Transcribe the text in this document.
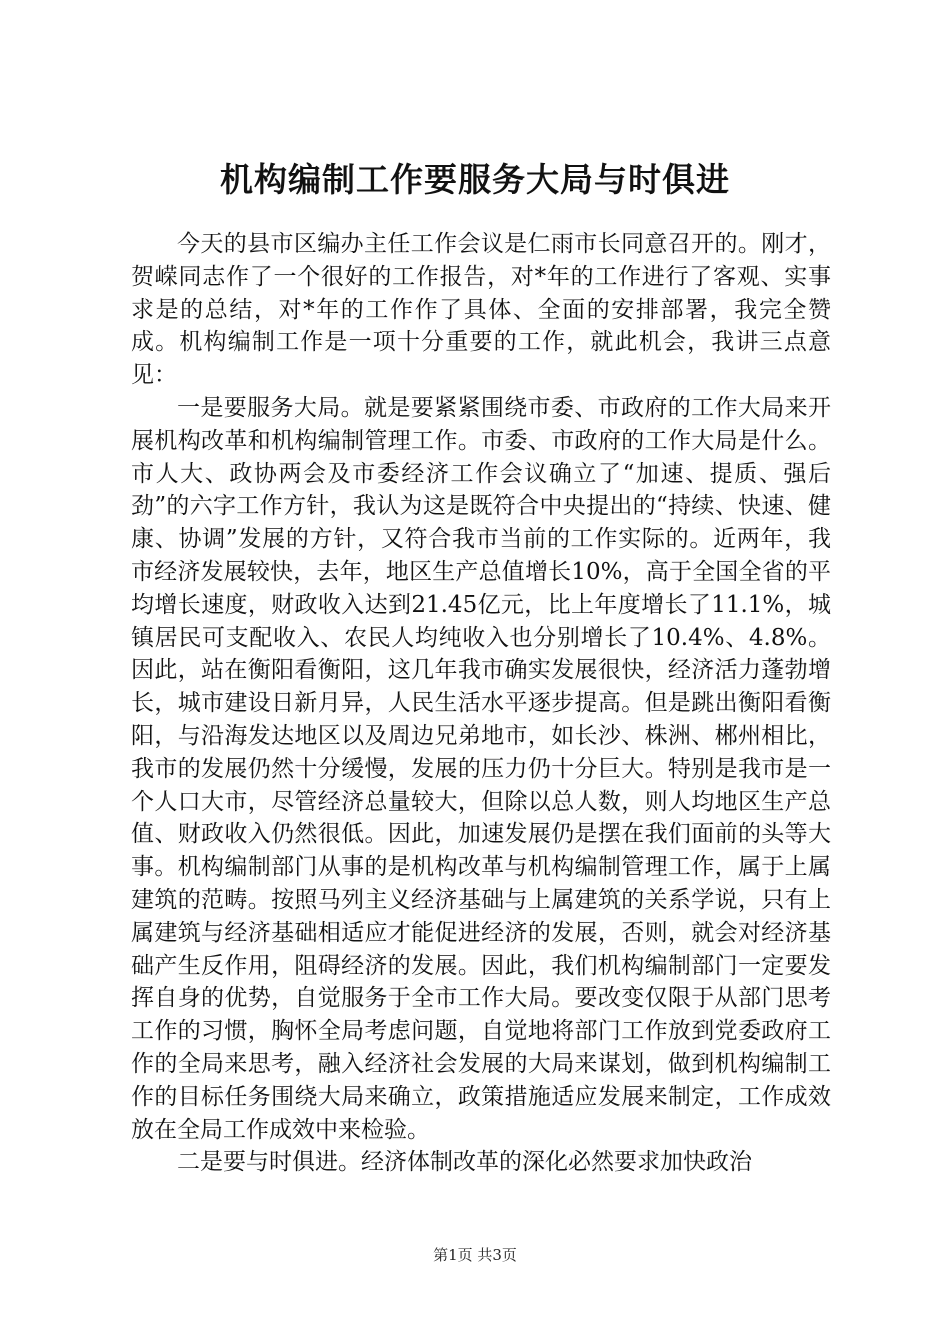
机构编制工作要服务大局与时俱进

今天的县市区编办主任工作会议是仁雨市长同意召开的。刚才，贺嵘同志作了一个很好的工作报告，对*年的工作进行了客观、实事求是的总结，对*年的工作作了具体、全面的安排部署，我完全赞成。机构编制工作是一项十分重要的工作，就此机会，我讲三点意见：

一是要服务大局。就是要紧紧围绕市委、市政府的工作大局来开展机构改革和机构编制管理工作。市委、市政府的工作大局是什么。市人大、政协两会及市委经济工作会议确立了“加速、提质、强后劲”的六字工作方针，我认为这是既符合中央提出的“持续、快速、健康、协调”发展的方针，又符合我市当前的工作实际的。近两年，我市经济发展较快，去年，地区生产总值增长10%，高于全国全省的平均增长速度，财政收入达到21.45亿元，比上年度增长了11.1%，城镇居民可支配收入、农民人均纯收入也分别增长了10.4%、4.8%。因此，站在衡阳看衡阳，这几年我市确实发展很快，经济活力蓬勃增长，城市建设日新月异，人民生活水平逐步提高。但是跳出衡阳看衡阳，与沿海发达地区以及周边兄弟地市，如长沙、株洲、郴州相比，我市的发展仍然十分缓慢，发展的压力仍十分巨大。特别是我市是一个人口大市，尽管经济总量较大，但除以总人数，则人均地区生产总值、财政收入仍然很低。因此，加速发展仍是摆在我们面前的头等大事。机构编制部门从事的是机构改革与机构编制管理工作，属于上属建筑的范畴。按照马列主义经济基础与上属建筑的关系学说，只有上属建筑与经济基础相适应才能促进经济的发展，否则，就会对经济基础产生反作用，阻碍经济的发展。因此，我们机构编制部门一定要发挥自身的优势，自觉服务于全市工作大局。要改变仅限于从部门思考工作的习惯，胸怀全局考虑问题，自觉地将部门工作放到党委政府工作的全局来思考，融入经济社会发展的大局来谋划，做到机构编制工作的目标任务围绕大局来确立，政策措施适应发展来制定，工作成效放在全局工作成效中来检验。

二是要与时俱进。经济体制改革的深化必然要求加快政治

第1页 共3页
